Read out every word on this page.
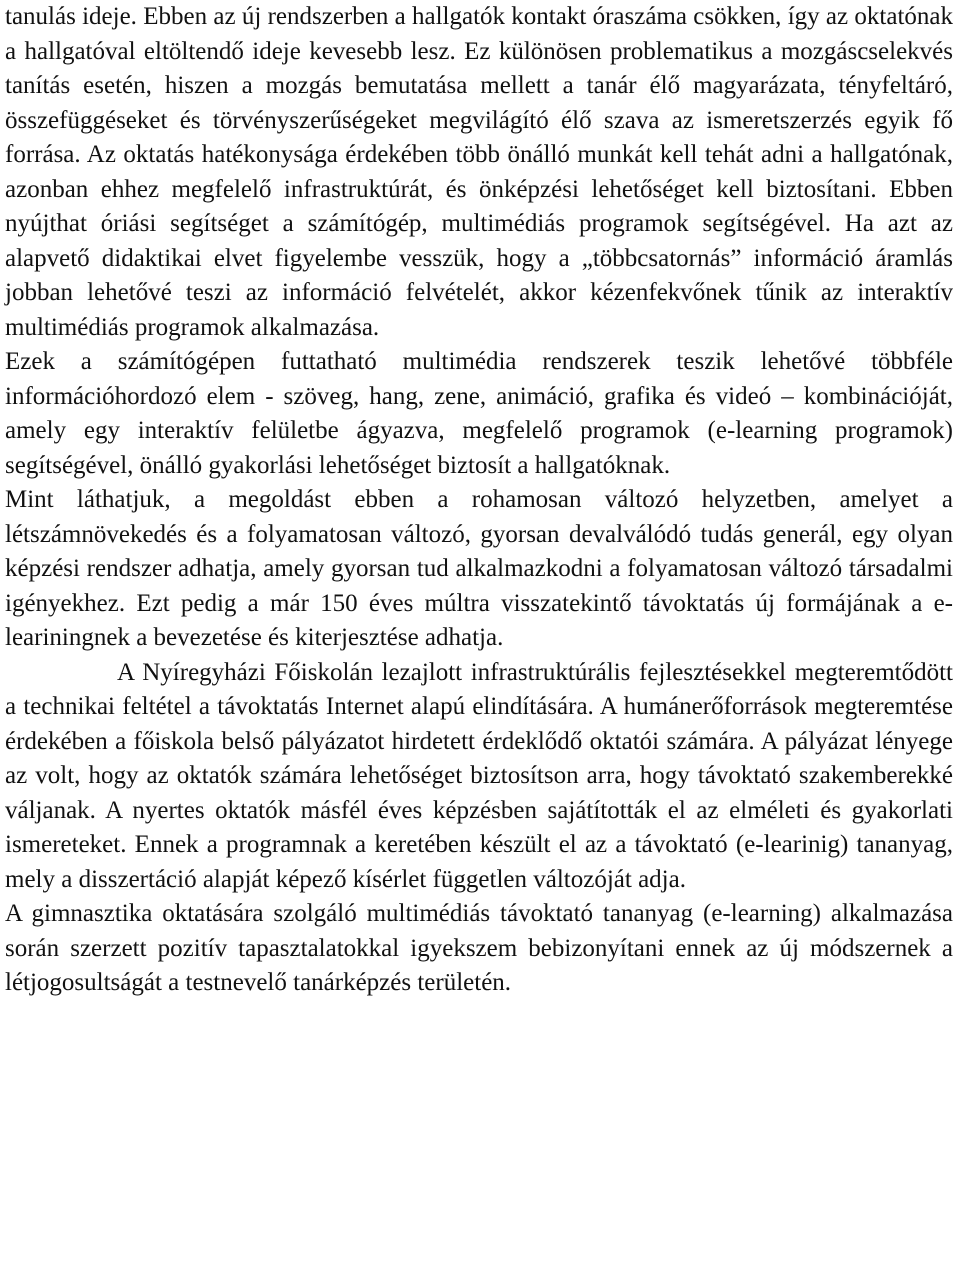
tanulás ideje. Ebben az új rendszerben a hallgatók kontakt óraszáma csökken, így az oktatónak a hallgatóval eltöltendő ideje kevesebb lesz. Ez különösen problematikus a mozgáscselekvés tanítás esetén, hiszen a mozgás bemutatása mellett a tanár élő magyarázata, tényfeltáró, összefüggéseket és törvényszerűségeket megvilágító élő szava az ismeretszerzés egyik fő forrása. Az oktatás hatékonysága érdekében több önálló munkát kell tehát adni a hallgatónak, azonban ehhez megfelelő infrastruktúrát, és önképzési lehetőséget kell biztosítani. Ebben nyújthat óriási segítséget a számítógép, multimédiás programok segítségével. Ha azt az alapvető didaktikai elvet figyelembe vesszük, hogy a „többcsatornás” információ áramlás jobban lehetővé teszi az információ felvételét, akkor kézenfekvőnek tűnik az interaktív multimédiás programok alkalmazása.

Ezek a számítógépen futtatható multimédia rendszerek teszik lehetővé többféle információhordozó elem - szöveg, hang, zene, animáció, grafika és videó – kombinációját, amely egy interaktív felületbe ágyazva, megfelelő programok (e-learning programok) segítségével, önálló gyakorlási lehetőséget biztosít a hallgatóknak.

Mint láthatjuk, a megoldást ebben a rohamosan változó helyzetben, amelyet a létszámnövekedés és a folyamatosan változó, gyorsan devalválódó tudás generál, egy olyan képzési rendszer adhatja, amely gyorsan tud alkalmazkodni a folyamatosan változó társadalmi igényekhez. Ezt pedig a már 150 éves múltra visszatekintő távoktatás új formájának a e-leariningnek a bevezetése és kiterjesztése adhatja.

A Nyíregyházi Főiskolán lezajlott infrastruktúrális fejlesztésekkel megteremtődött a technikai feltétel a távoktatás Internet alapú elindítására. A humánerőforrások megteremtése érdekében a főiskola belső pályázatot hirdetett érdeklődő oktatói számára. A pályázat lényege az volt, hogy az oktatók számára lehetőséget biztosítson arra, hogy távoktató szakemberekké váljanak. A nyertes oktatók másfél éves képzésben sajátították el az elméleti és gyakorlati ismereteket. Ennek a programnak a keretében készült el az a távoktató (e-learinig) tananyag, mely a disszertáció alapját képező kísérlet független változóját adja.

A gimnasztika oktatására szolgáló multimédiás távoktató tananyag (e-learning) alkalmazása során szerzett pozitív tapasztalatokkal igyekszem bebizonyítani ennek az új módszernek a létjogosultságát a testnevelő tanárképzés területén.
